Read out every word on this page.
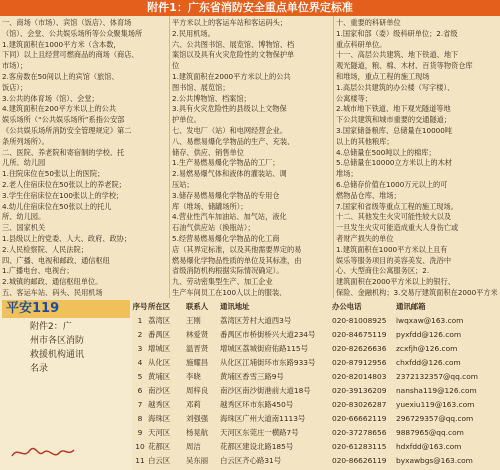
附件1：广东省消防安全重点单位界定标准

一、商场（市场）、宾馆（饭店）、体育场

（馆）、会堂、公共娱乐场所等公众聚集场所

1.建筑面积在1000平方米（含本数，

下同）以上且经营可燃商品的商场（商店、

市场）；

2.客房数在50间以上的宾馆（旅馆、

饭店）；

3.公共的体育场（馆）、会堂；

4.建筑面积在200平方米以上的公共

娱乐场所（“公共娱乐场所”系指公安部

《公共娱乐场所消防安全管理规定》第二

条所列场所）。

二、医院、养老院和寄宿制的学校、托

儿所、幼儿园

1.住院床位在50张以上的医院；

2.老人住宿床位在50张以上的养老院；

3.学生住宿床位在100张以上的学校；

4.幼儿住宿床位在50张以上的托儿

所、幼儿园。

三、国家机关

1.县级以上的党委、人大、政府、政协；

2.人民检察院、人民法院；

四、广播、电视和邮政、通信枢纽

1.广播电台、电视台；

2.城镇的邮政、通信枢纽单位。

五、客运车站、码头、民用机场

平方米以上的客运车站和客运码头；

2.民用机场。

六、公共图书馆、展览馆、博物馆、档

案馆以及具有火灾危险性的文物保护单

位

1.建筑面积在2000平方米以上的公共

图书馆、展览馆；

2.公共博物馆、档案馆；

3.具有火灾危险性的县级以上文物保

护单位。

七、发电厂（站）和电网经营企业。

八、易燃易爆化学物品的生产、充装、

储存、供应、销售单位

1.生产易燃易爆化学物品的工厂；

2.易燃易爆气体和液体的灌装站、调

压站；

3.储存易燃易爆化学物品的专用仓

库（堆场、储罐场所）；

4.营业性汽车加油站、加气站，液化

石油气供应站（换瓶站）；

5.经营易燃易爆化学物品的化工商

店（其界定标准，以及其他需要界定的易

燃易爆化学物品性质的单位及其标准，由

省级消防机构根据实际情况确定）。

九、劳动密集型生产、加工企业

生产车间员工在100人以上的服装、

十、重要的科研单位

1.国家和部（委）级科研单位；2.省级

重点科研单位。

十一、高层公共建筑、地下铁道、地下

观光隧道，粮、棉、木材、百货等物资仓库

和堆场，重点工程的施工现场

1.高层公共建筑的办公楼（写字楼）、

公寓楼等；

2.城市地下铁道、地下观光隧道等地

下公共建筑和城市重要的交通隧道；

3.国家储备粮库、总储量在10000吨

以上的其他粮库；

4.总储量在500吨以上的棉库；

5.总储量在10000立方米以上的木材

堆场；

6.总储存价值在1000万元以上的可

燃物品仓库、堆场；

7.国家和省级等重点工程的施工现场。

十二、其他发生火灾可能性较大以及

一旦发生火灾可能造成重大人身伤亡或

者财产损失的单位

1.建筑面积在1000平方米以上且有

娱乐等服务项目的美容美发、洗浴中

心、大型商住公寓服务区；2.

建筑面积在2000平方米以上的银行、

保险、金融机构；3.交易厅建筑面积在2000平方米

平安119
附件2：广
州市各区消防
救援机构通讯
名录
序号 所在区	联系人	通讯地址	办公电话	通讯邮箱
1 荔湾区	王刚	荔湾区芳村大道西3号	020-81008925	lwqxaw@163.com
2 番禺区	林爱贤	番禺区市桥街桥兴大道234号	020-84675119	pyxfdd@126.com
3 增城区	温晋贤	增城区荔城街府佑路115号	020-82626636	zcxfjh@126.com
4 从化区	施耀昌	从化区江埔街环市东路933号	020-87912956	chxfdd@126.com
5 黄埔区	李晓	黄埔区香雪三路9号	020-82014803	2372132357@qq.com
6 南沙区	周梓良	南沙区南沙街港前大道18号	020-39136209	nansha119@126.com
7 越秀区	邓莉	越秀区环市东路450号	020-83026287	yuexiu119@163.com
8 海珠区	刘强强	海珠区广州大道南1113号	020-66662119	296729357@qq.com
9 天河区	杨晃航	天河区东莞庄一横路7号	020-37278656	9887965@qq.com
10 花都区	周洁	花都区建设北路185号	020-61283115	hdxfdd@163.com
11 白云区	吴东丽	白云区齐心路31号	020-86626119	byxawbgs@163.com
